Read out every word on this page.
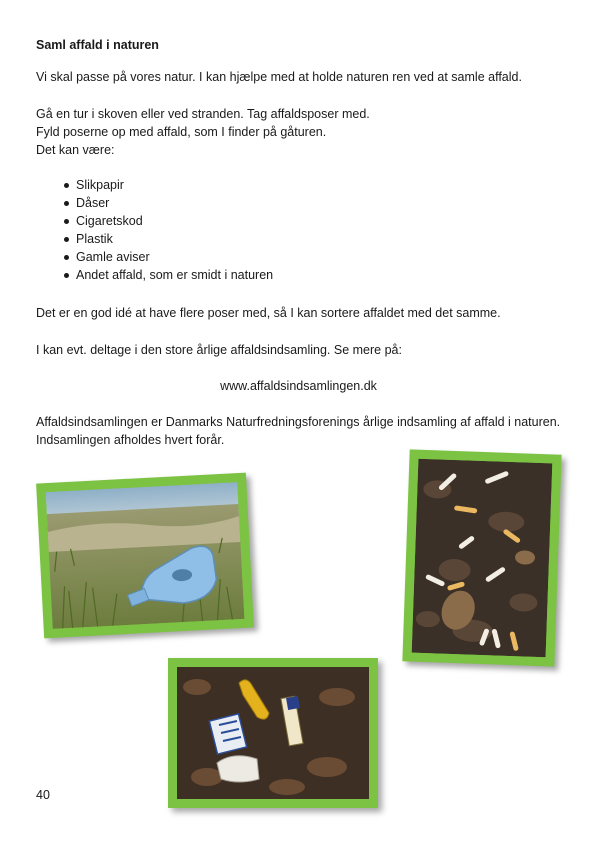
Saml affald i naturen

Vi skal passe på vores natur. I kan hjælpe med at holde naturen ren ved at samle affald.

Gå en tur i skoven eller ved stranden. Tag affaldsposer med.

Fyld poserne op med affald, som I finder på gåturen.

Det kan være:

Slikpapir
Dåser
Cigaretskod
Plastik
Gamle aviser
Andet affald, som er smidt i naturen

Det er en god idé at have flere poser med, så I kan sortere affaldet med det samme.

I kan evt. deltage i den store årlige affaldsindsamling. Se mere på:

www.affaldsindsamlingen.dk

Affaldsindsamlingen er Danmarks Naturfredningsforenings årlige indsamling af affald i naturen.

Indsamlingen afholdes hvert forår.

40
